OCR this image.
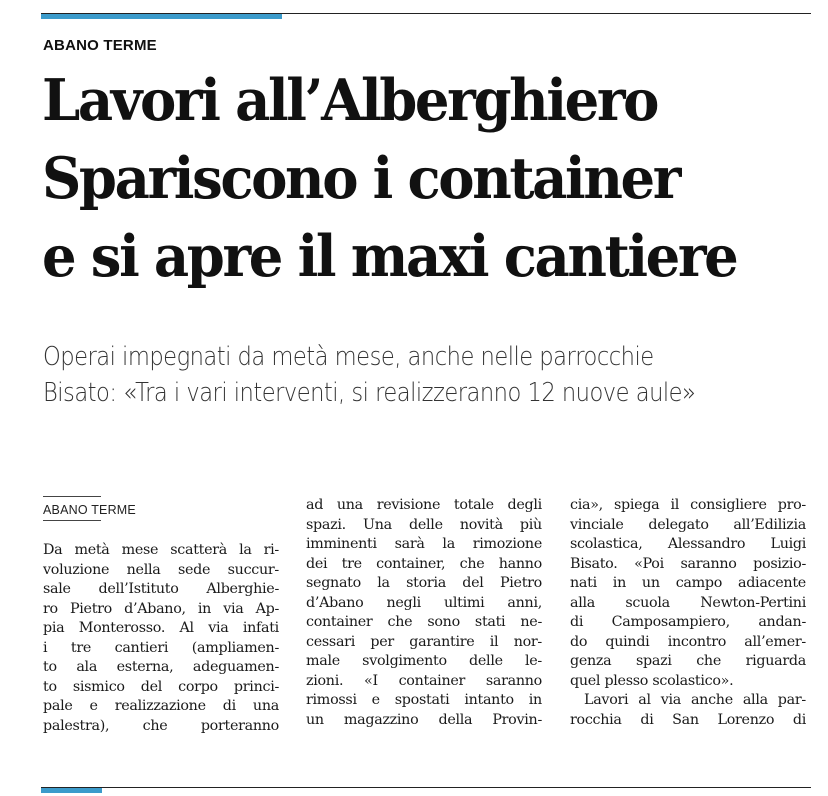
ABANO TERME
Lavori all’Alberghiero
Spariscono i container
e si apre il maxi cantiere
Operai impegnati da metà mese, anche nelle parrocchie
Bisato: «Tra i vari interventi, si realizzeranno 12 nuove aule»
ABANO TERME
Da metà mese scatterà la ri-
voluzione nella sede succur-
sale dell’Istituto Alberghie-
ro Pietro d’Abano, in via Ap-
pia Monterosso. Al via infati
i tre cantieri (ampliamen-
to ala esterna, adeguamen-
to sismico del corpo princi-
pale e realizzazione di una
palestra), che porteranno
ad una revisione totale degli
spazi. Una delle novità più
imminenti sarà la rimozione
dei tre container, che hanno
segnato la storia del Pietro
d’Abano negli ultimi anni,
container che sono stati ne-
cessari per garantire il nor-
male svolgimento delle le-
zioni. «I container saranno
rimossi e spostati intanto in
un magazzino della Provin-
cia», spiega il consigliere pro-
vinciale delegato all’Edilizia
scolastica, Alessandro Luigi
Bisato. «Poi saranno posizio-
nati in un campo adiacente
alla scuola Newton-Pertini
di Camposampiero, andan-
do quindi incontro all’emer-
genza spazi che riguarda
quel plesso scolastico».
Lavori al via anche alla par-
rocchia di San Lorenzo di
